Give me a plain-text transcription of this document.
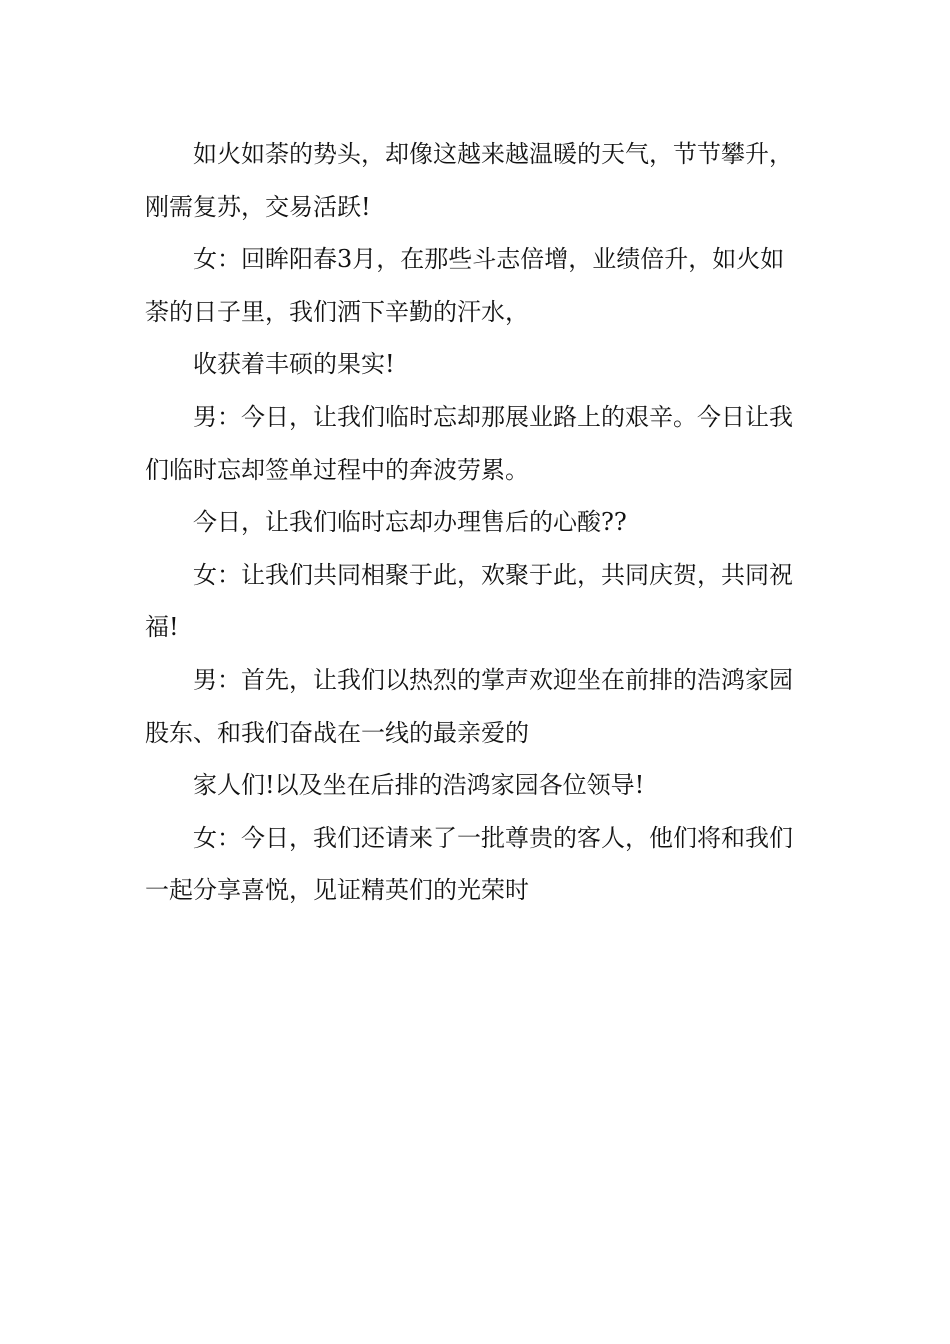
如火如荼的势头，却像这越来越温暖的天气，节节攀升，
刚需复苏，交易活跃!
女：回眸阳春3月，在那些斗志倍增，业绩倍升，如火如
荼的日子里，我们洒下辛勤的汗水，
收获着丰硕的果实!
男：今日，让我们临时忘却那展业路上的艰辛。今日让我
们临时忘却签单过程中的奔波劳累。
今日，让我们临时忘却办理售后的心酸??
女：让我们共同相聚于此，欢聚于此，共同庆贺，共同祝
福!
男：首先，让我们以热烈的掌声欢迎坐在前排的浩鸿家园
股东、和我们奋战在一线的最亲爱的
家人们!以及坐在后排的浩鸿家园各位领导!
女：今日，我们还请来了一批尊贵的客人，他们将和我们
一起分享喜悦，见证精英们的光荣时
